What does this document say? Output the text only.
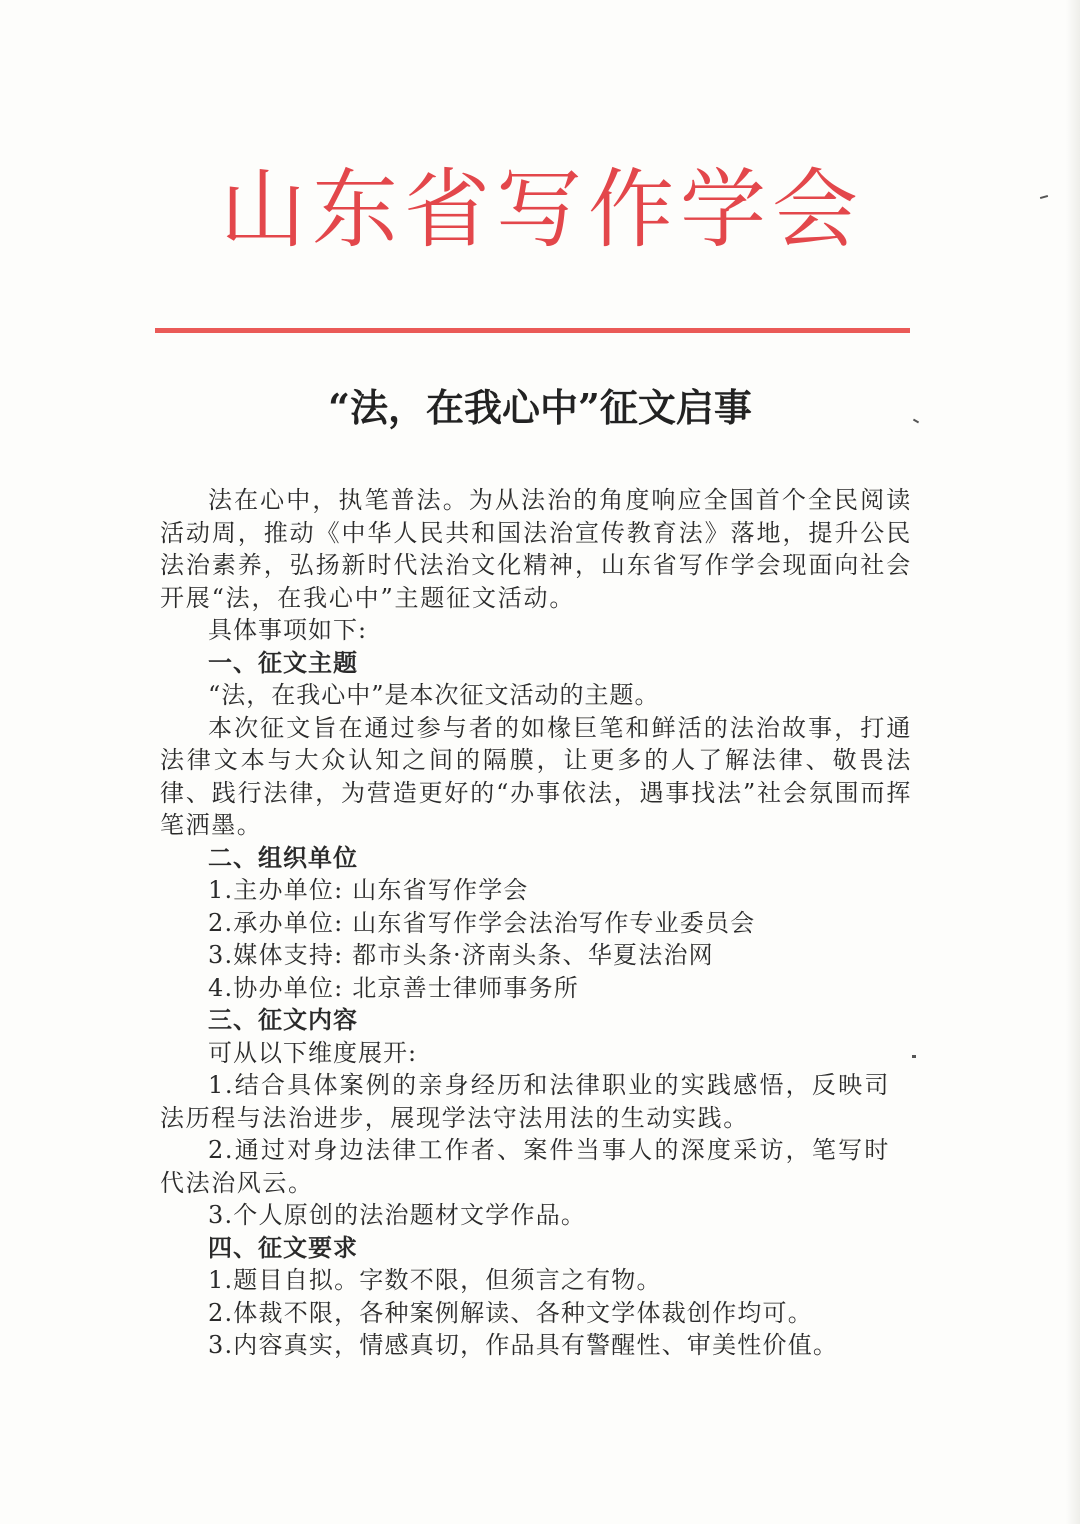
山东省写作学会
“法，在我心中”征文启事

法在心中，执笔普法。为从法治的角度响应全国首个全民阅读活动周，推动《中华人民共和国法治宣传教育法》落地，提升公民法治素养，弘扬新时代法治文化精神，山东省写作学会现面向社会开展“法，在我心中”主题征文活动。

具体事项如下:

一、征文主题

“法，在我心中”是本次征文活动的主题。

本次征文旨在通过参与者的如椽巨笔和鲜活的法治故事，打通法律文本与大众认知之间的隔膜，让更多的人了解法律、敬畏法律、践行法律，为营造更好的“办事依法，遇事找法”社会氛围而挥笔洒墨。

二、组织单位

1.主办单位: 山东省写作学会

2.承办单位: 山东省写作学会法治写作专业委员会

3.媒体支持: 都市头条·济南头条、华夏法治网

4.协办单位: 北京善士律师事务所

三、征文内容

可从以下维度展开:

1.结合具体案例的亲身经历和法律职业的实践感悟，反映司法历程与法治进步，展现学法守法用法的生动实践。

2.通过对身边法律工作者、案件当事人的深度采访，笔写时代法治风云。

3.个人原创的法治题材文学作品。

四、征文要求

1.题目自拟。字数不限，但须言之有物。

2.体裁不限，各种案例解读、各种文学体裁创作均可。

3.内容真实，情感真切，作品具有警醒性、审美性价值。
